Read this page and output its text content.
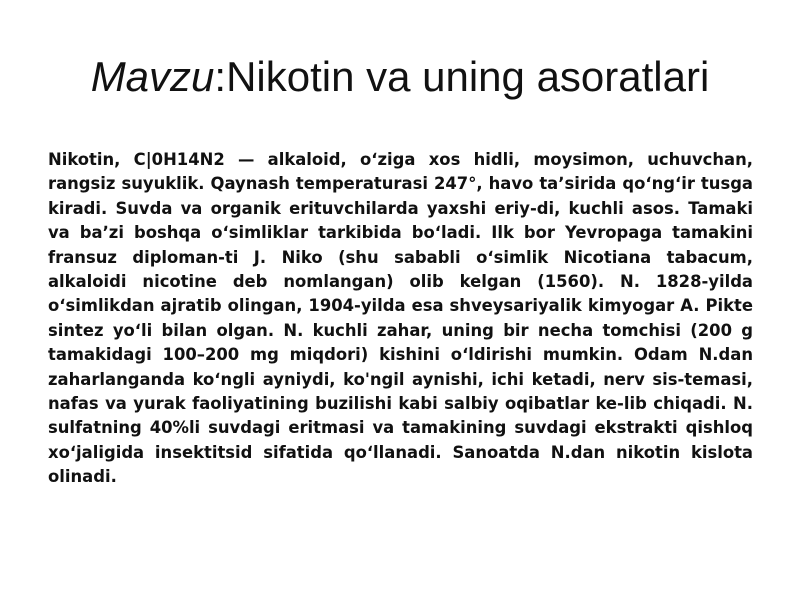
Mavzu:Nikotin va uning asoratlari
Nikotin, C|0H14N2 — alkaloid, oʻziga xos hidli, moysimon, uchuvchan, rangsiz suyuklik. Qaynash temperaturasi 247°, havo taʼsirida qoʻngʻir tusga kiradi. Suvda va organik erituvchilarda yaxshi eriy-di, kuchli asos. Tamaki va baʼzi boshqa oʻsimliklar tarkibida boʻladi. Ilk bor Yevropaga tamakini fransuz diploman-ti J. Niko (shu sababli oʻsimlik Nicotiana tabacum, alkaloidi nicotine deb nomlangan) olib kelgan (1560). N. 1828-yilda oʻsimlikdan ajratib olingan, 1904-yilda esa shveysariyalik kimyogar A. Pikte sintez yoʻli bilan olgan. N. kuchli zahar, uning bir necha tomchisi (200 g tamakidagi 100–200 mg miqdori) kishini oʻldirishi mumkin. Odam N.dan zaharlanganda koʻngli ayniydi, ko'ngil aynishi, ichi ketadi, nerv sis-temasi, nafas va yurak faoliyatining buzilishi kabi salbiy oqibatlar ke-lib chiqadi. N. sulfatning 40%li suvdagi eritmasi va tamakining suvdagi ekstrakti qishloq xoʻjaligida insektitsid sifatida qoʻllanadi. Sanoatda N.dan nikotin kislota olinadi.
